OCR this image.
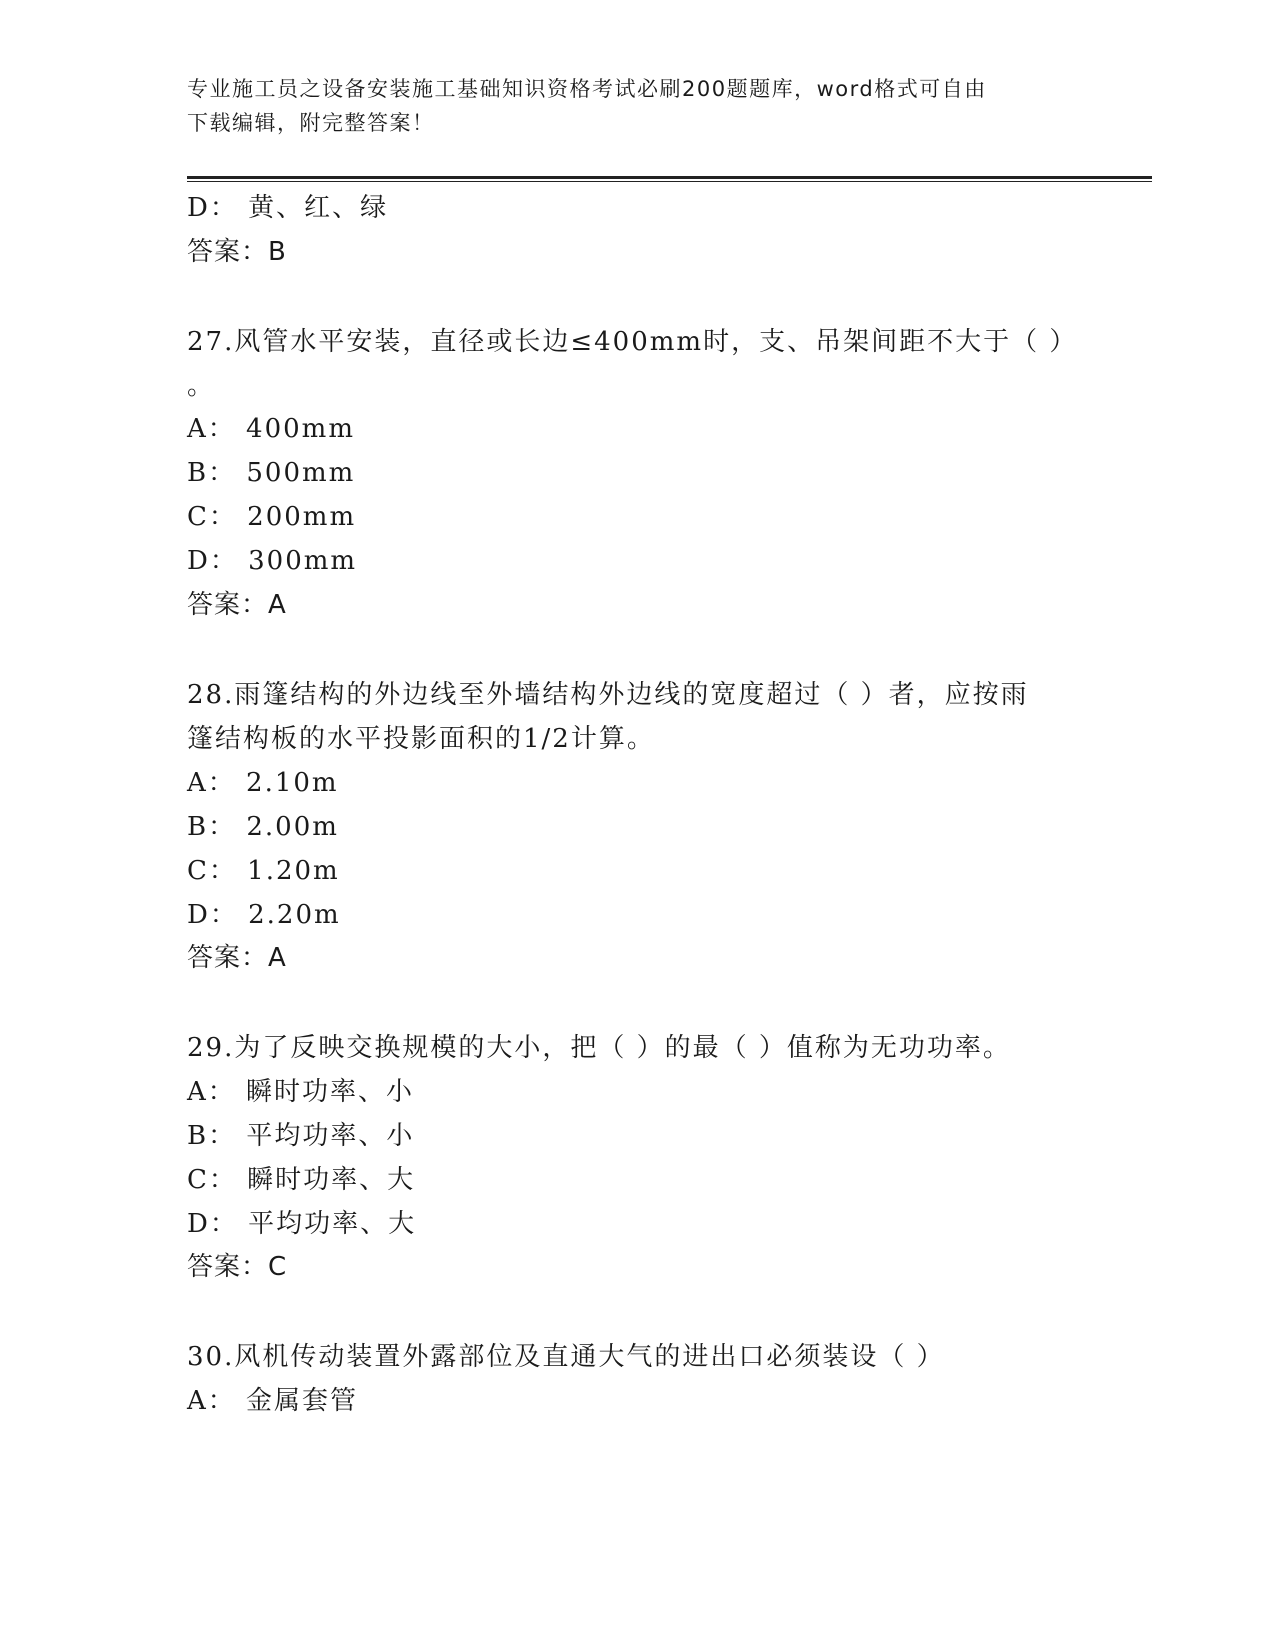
专业施工员之设备安装施工基础知识资格考试必刷200题题库，word格式可自由
下载编辑，附完整答案！
D： 黄、红、绿
答案：B
27.风管水平安装，直径或长边≤400mm时，支、吊架间距不大于（ ）
。
A： 400mm
B： 500mm
C： 200mm
D： 300mm
答案：A
28.雨篷结构的外边线至外墙结构外边线的宽度超过（ ）者，应按雨
篷结构板的水平投影面积的1/2计算。
A： 2.10m
B： 2.00m
C： 1.20m
D： 2.20m
答案：A
29.为了反映交换规模的大小，把（ ）的最（ ）值称为无功功率。
A： 瞬时功率、小
B： 平均功率、小
C： 瞬时功率、大
D： 平均功率、大
答案：C
30.风机传动装置外露部位及直通大气的进出口必须装设（ ）
A： 金属套管
